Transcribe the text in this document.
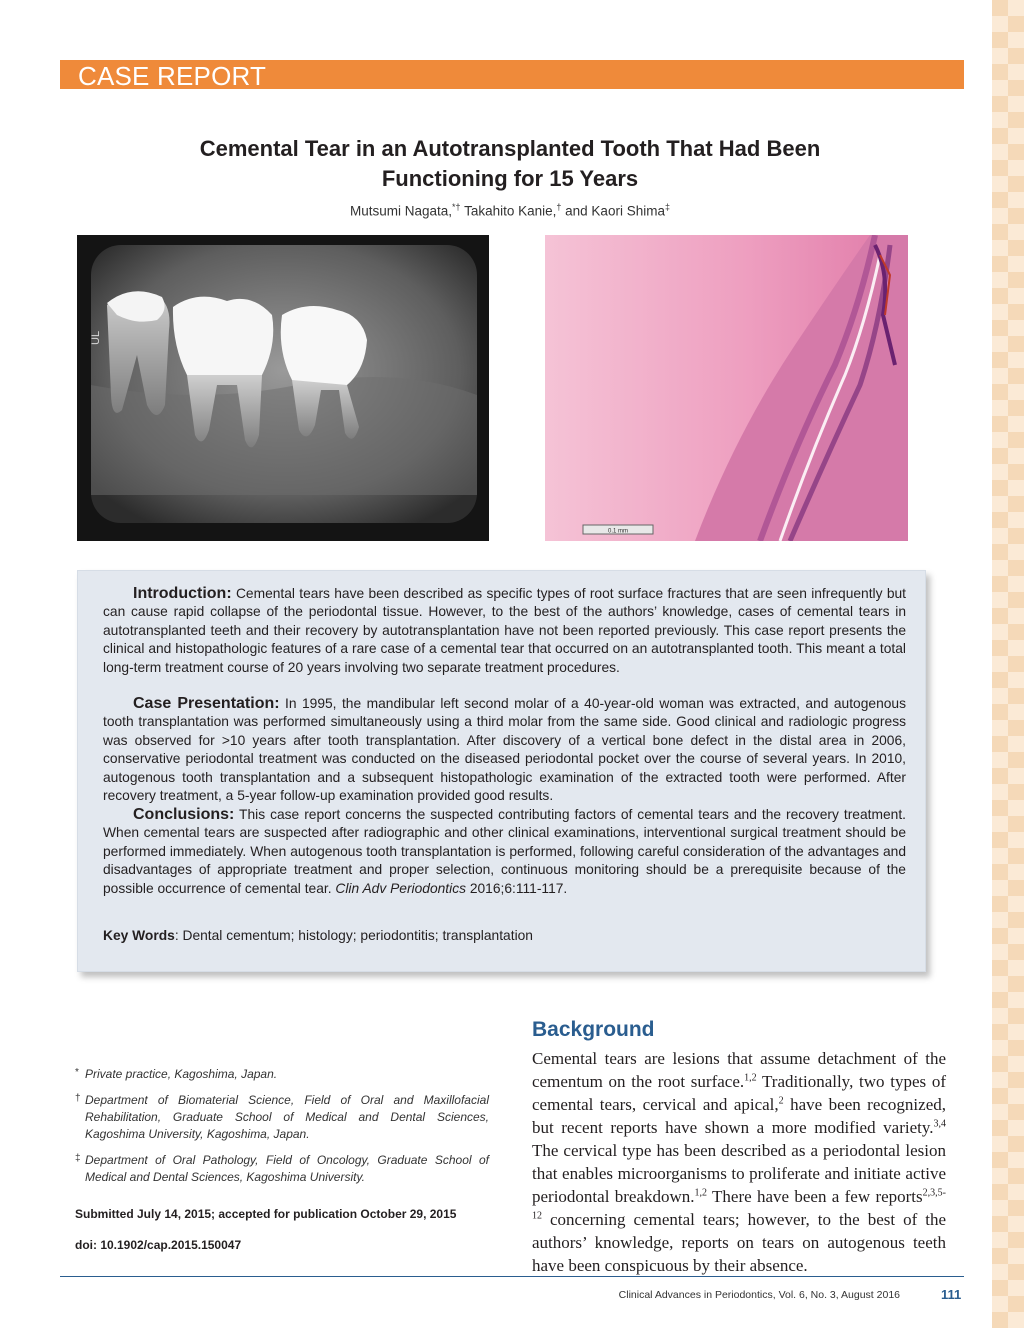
CASE REPORT
Cemental Tear in an Autotransplanted Tooth That Had Been
Functioning for 15 Years
Mutsumi Nagata,*† Takahito Kanie,† and Kaori Shima‡
UL
0.1 mm
Introduction: Cemental tears have been described as specific types of root surface fractures that are seen infrequently but can cause rapid collapse of the periodontal tissue. However, to the best of the authors’ knowledge, cases of cemental tears in autotransplanted teeth and their recovery by autotransplantation have not been reported previously. This case report presents the clinical and histopathologic features of a rare case of a cemental tear that occurred on an autotransplanted tooth. This meant a total long-term treatment course of 20 years involving two separate treatment procedures.
Case Presentation: In 1995, the mandibular left second molar of a 40-year-old woman was extracted, and autogenous tooth transplantation was performed simultaneously using a third molar from the same side. Good clinical and radiologic progress was observed for >10 years after tooth transplantation. After discovery of a vertical bone defect in the distal area in 2006, conservative periodontal treatment was conducted on the diseased periodontal pocket over the course of several years. In 2010, autogenous tooth transplantation and a subsequent histopathologic examination of the extracted tooth were performed. After recovery treatment, a 5-year follow-up examination provided good results.
Conclusions: This case report concerns the suspected contributing factors of cemental tears and the recovery treatment. When cemental tears are suspected after radiographic and other clinical examinations, interventional surgical treatment should be performed immediately. When autogenous tooth transplantation is performed, following careful consideration of the advantages and disadvantages of appropriate treatment and proper selection, continuous monitoring should be a prerequisite because of the possible occurrence of cemental tear. Clin Adv Periodontics 2016;6:111-117.
Key Words: Dental cementum; histology; periodontitis; transplantation
* Private practice, Kagoshima, Japan.
† Department of Biomaterial Science, Field of Oral and Maxillofacial Rehabilitation, Graduate School of Medical and Dental Sciences, Kagoshima University, Kagoshima, Japan.
‡ Department of Oral Pathology, Field of Oncology, Graduate School of Medical and Dental Sciences, Kagoshima University.
Submitted July 14, 2015; accepted for publication October 29, 2015
doi: 10.1902/cap.2015.150047
Background
Cemental tears are lesions that assume detachment of the cementum on the root surface.$^{1,2}$ Traditionally, two types of cemental tears, cervical and apical,$^2$ have been recognized, but recent reports have shown a more modified variety.$^{3,4}$ The cervical type has been described as a periodontal lesion that enables microorganisms to proliferate and initiate active periodontal breakdown.$^{1,2}$ There have been a few reports$^{2,3,5-12}$ concerning cemental tears; however, to the best of the authors’ knowledge, reports on tears on autogenous teeth have been conspicuous by their absence.
Clinical Advances in Periodontics, Vol. 6, No. 3, August 2016	111
